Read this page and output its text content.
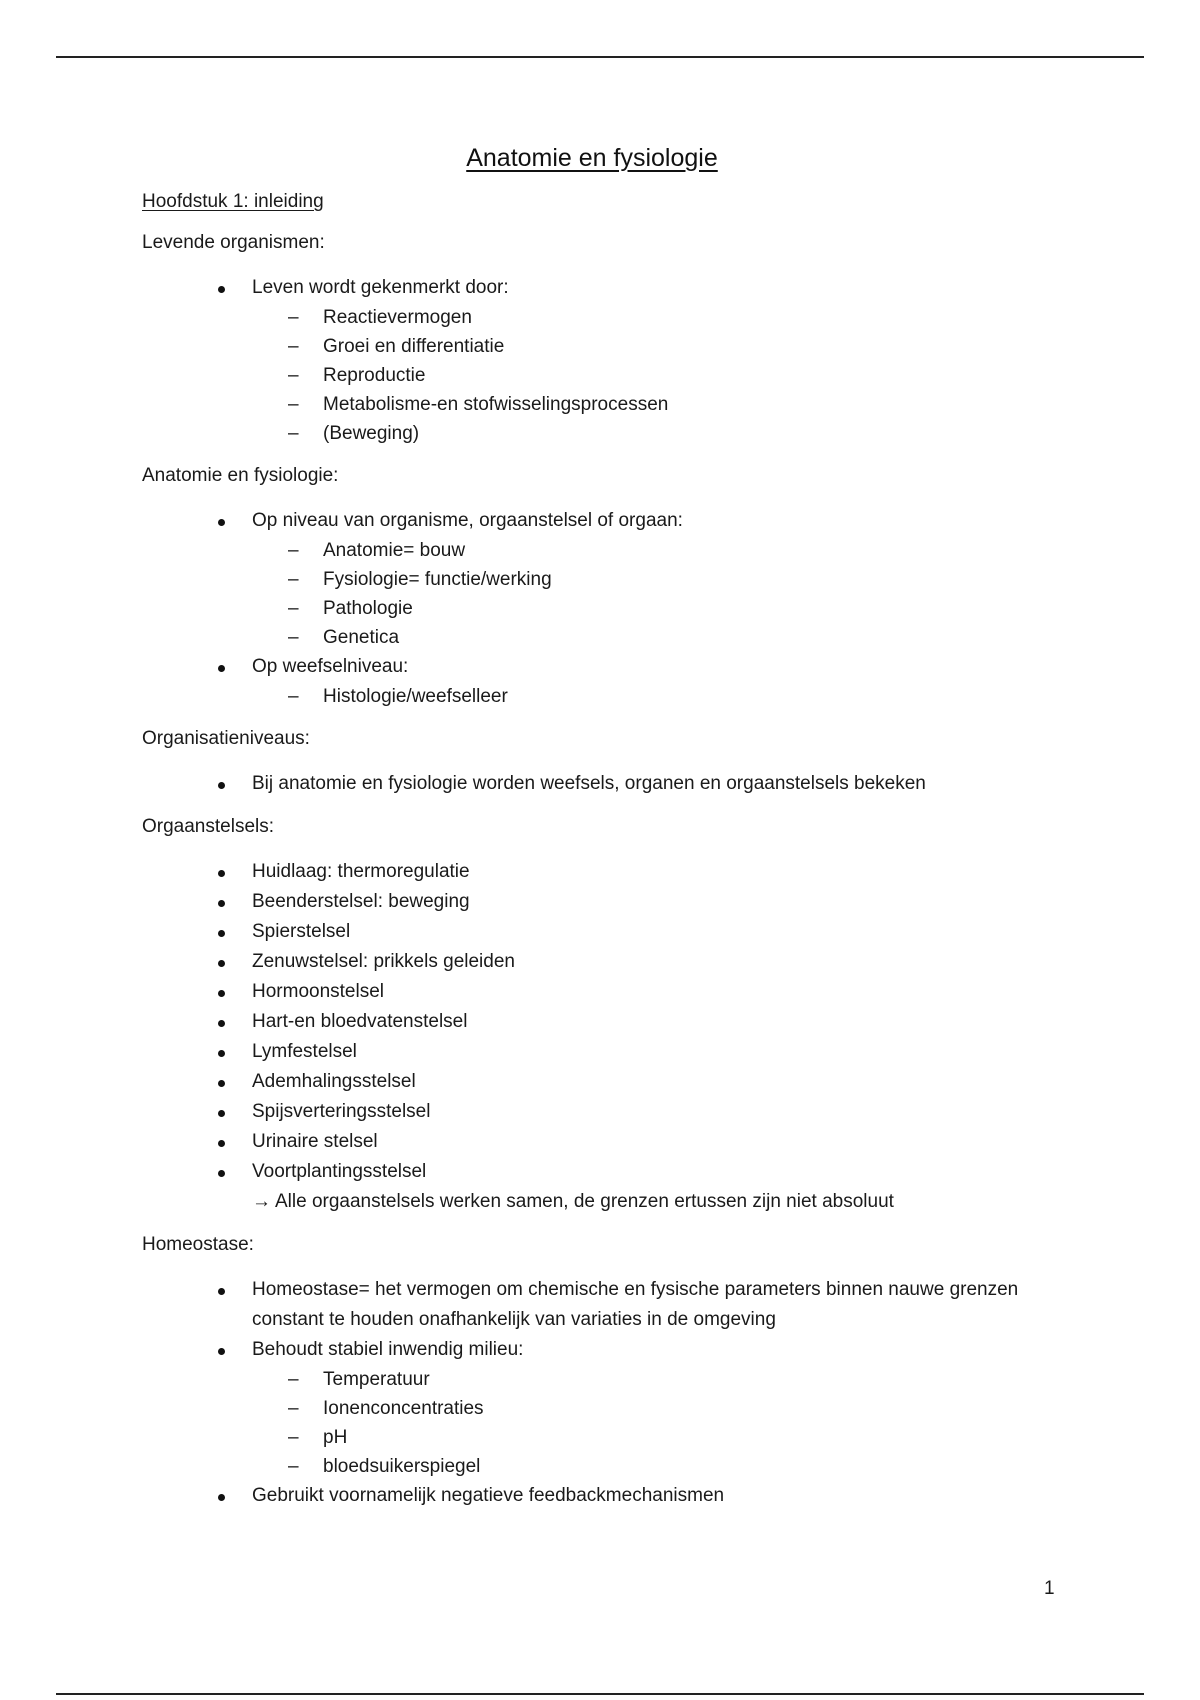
Anatomie en fysiologie
Hoofdstuk 1: inleiding

Levende organismen:

Leven wordt gekenmerkt door:
– Reactievermogen
– Groei en differentiatie
– Reproductie
– Metabolisme-en stofwisselingsprocessen
– (Beweging)

Anatomie en fysiologie:

Op niveau van organisme, orgaanstelsel of orgaan:
– Anatomie= bouw
– Fysiologie= functie/werking
– Pathologie
– Genetica
Op weefselniveau:
– Histologie/weefselleer

Organisatieniveaus:

Bij anatomie en fysiologie worden weefsels, organen en orgaanstelsels bekeken

Orgaanstelsels:

Huidlaag: thermoregulatie
Beenderstelsel: beweging
Spierstelsel
Zenuwstelsel: prikkels geleiden
Hormoonstelsel
Hart-en bloedvatenstelsel
Lymfestelsel
Ademhalingsstelsel
Spijsverteringsstelsel
Urinaire stelsel
Voortplantingsstelsel
→ Alle orgaanstelsels werken samen, de grenzen ertussen zijn niet absoluut

Homeostase:

Homeostase= het vermogen om chemische en fysische parameters binnen nauwe grenzen constant te houden onafhankelijk van variaties in de omgeving
Behoudt stabiel inwendig milieu:
– Temperatuur
– Ionenconcentraties
– pH
– bloedsuikerspiegel
Gebruikt voornamelijk negatieve feedbackmechanismen
1
